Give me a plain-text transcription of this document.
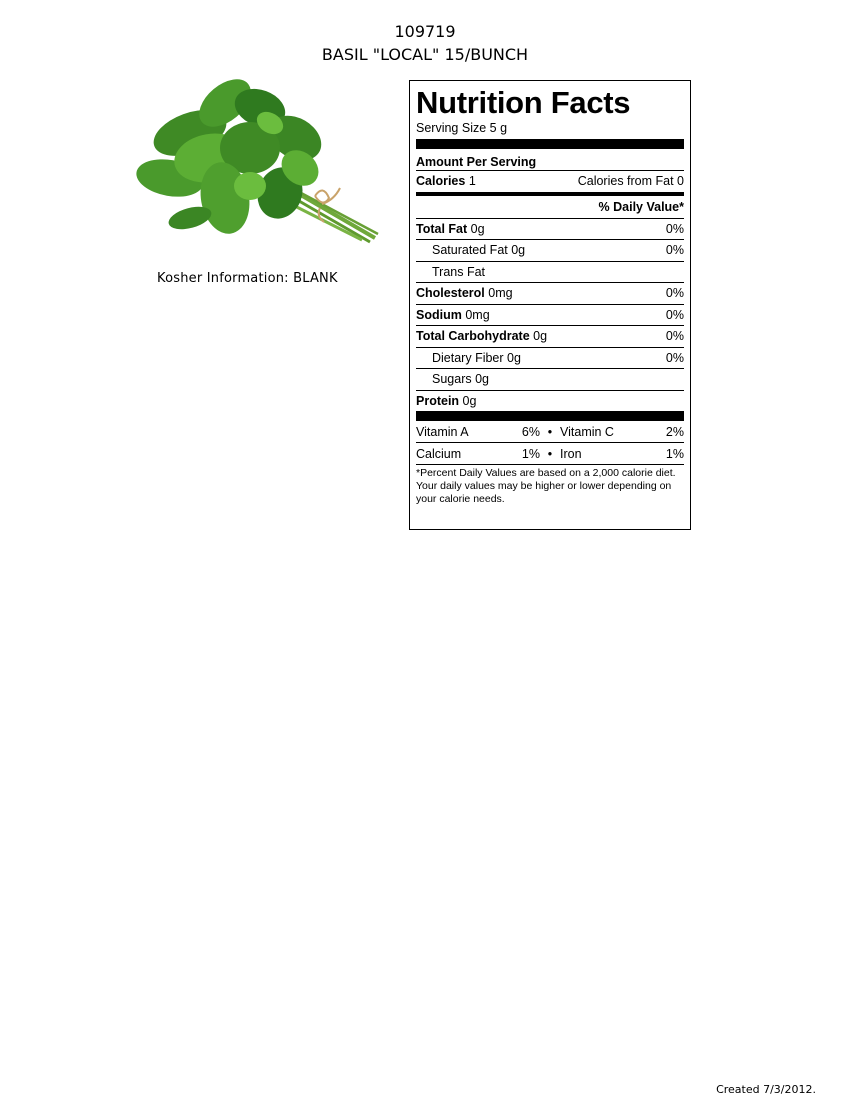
109719
BASIL "LOCAL" 15/BUNCH
Kosher Information: BLANK
Nutrition Facts
Serving Size 5 g
Amount Per Serving
Calories 1	Calories from Fat 0
% Daily Value*
Total Fat 0g	0%
Saturated Fat 0g	0%
Trans Fat
Cholesterol 0mg	0%
Sodium 0mg	0%
Total Carbohydrate 0g	0%
Dietary Fiber 0g	0%
Sugars 0g
Protein 0g
Vitamin A	6% • Vitamin C	2%
Calcium	1% • Iron	1%
*Percent Daily Values are based on a 2,000 calorie diet. Your daily values may be higher or lower depending on your calorie needs.
Created 7/3/2012.
